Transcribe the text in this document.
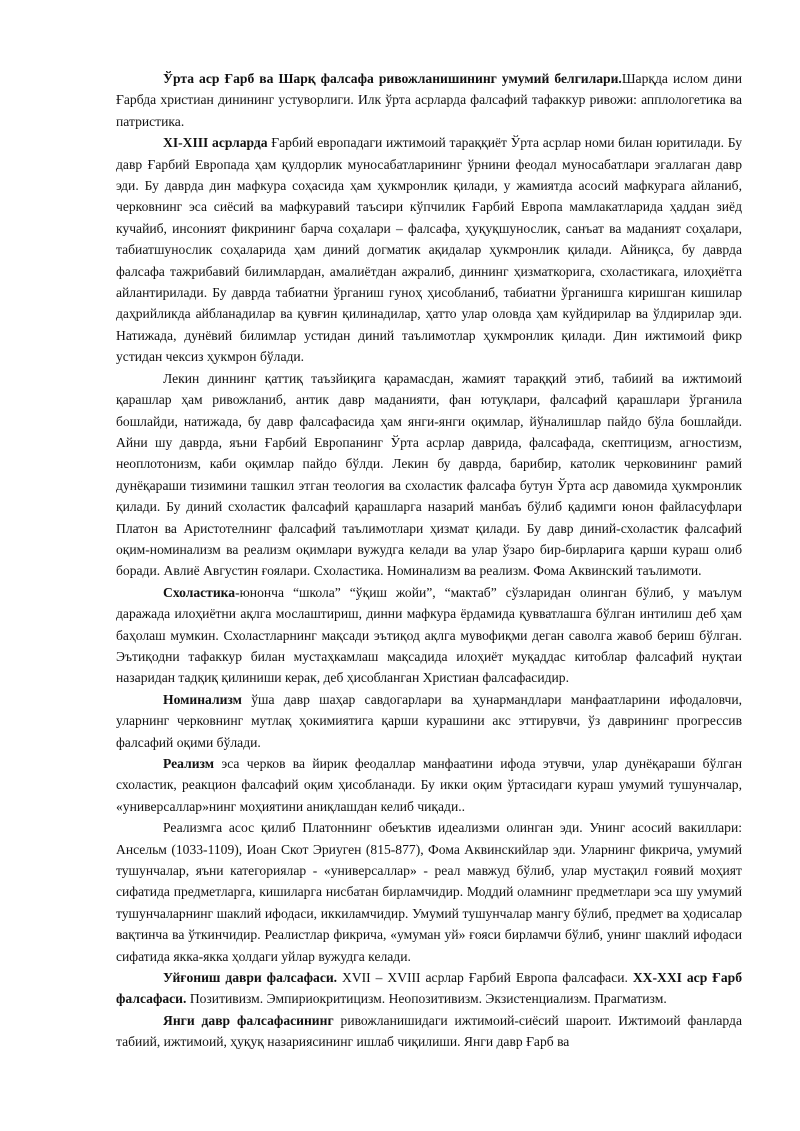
Ўрта аср Ғарб ва Шарқ фалсафа ривожланишининг умумий белгилари.Шарқда ислом дини Ғарбда христиан динининг устуворлиги. Илк ўрта асрларда фалсафий тафаккур ривожи: апплологетика ва патристика.

XI-XIII асрларда Ғарбий европадаги ижтимоий тараққиёт Ўрта асрлар номи билан юритилади. Бу давр Ғарбий Европада ҳам қулдорлик муносабатларининг ўрнини феодал муносабатлари эгаллаган давр эди. Бу даврда дин мафкура соҳасида ҳам ҳукмронлик қилади, у жамиятда асосий мафкурага айланиб, черковнинг эса сиёсий ва мафкуравий таъсири кўпчилик Ғарбий Европа мамлакатларида ҳаддан зиёд кучайиб, инсоният фикрининг барча соҳалари – фалсафа, ҳуқуқшунослик, санъат ва маданият соҳалари, табиатшунослик соҳаларида ҳам диний догматик ақидалар ҳукмронлик қилади. Айниқса, бу даврда фалсафа тажрибавий билимлардан, амалиётдан ажралиб, диннинг ҳизматкорига, схоластикага, илоҳиётга айлантирилади. Бу даврда табиатни ўрганиш гуноҳ ҳисобланиб, табиатни ўрганишга киришган кишилар даҳрийликда айбланадилар ва қувғин қилинадилар, ҳатто улар оловда ҳам куйдирилар ва ўлдирилар эди. Натижада, дунёвий билимлар устидан диний таълимотлар ҳукмронлик қилади. Дин ижтимоий фикр устидан чексиз ҳукмрон бўлади.

Лекин диннинг қаттиқ таъзйиқига қарамасдан, жамият тараққий этиб, табиий ва ижтимоий қарашлар ҳам ривожланиб, антик давр маданияти, фан ютуқлари, фалсафий қарашлари ўрганила бошлайди, натижада, бу давр фалсафасида ҳам янги-янги оқимлар, йўналишлар пайдо бўла бошлайди. Айни шу даврда, яъни Ғарбий Европанинг Ўрта асрлар даврида, фалсафада, скептицизм, агностизм, неоплотонизм, каби оқимлар пайдо бўлди. Лекин бу даврда, барибир, католик черковининг рамий дунёқараши тизимини ташкил этган теология ва схоластик фалсафа бутун Ўрта аср давомида ҳукмронлик қилади. Бу диний схоластик фалсафий қарашларга назарий манбаъ бўлиб қадимги юнон файласуфлари Платон ва Аристотелнинг фалсафий таълимотлари ҳизмат қилади. Бу давр диний-схоластик фалсафий оқим-номинализм ва реализм оқимлари вужудга келади ва улар ўзаро бир-бирларига қарши кураш олиб боради. Авлиё Августин ғоялари. Схоластика. Номинализм ва реализм. Фома Аквинский таълимоти.

Схоластика-юнонча “школа” “ўқиш жойи”, “мактаб” сўзларидан олинган бўлиб, у маълум даражада илоҳиётни ақлга мослаштириш, динни мафкура ёрдамида қувватлашга бўлган интилиш деб ҳам баҳолаш мумкин. Схоластларнинг мақсади эътиқод ақлга мувофиқми деган саволга жавоб бериш бўлган. Эътиқодни тафаккур билан мустаҳкамлаш мақсадида илоҳиёт муқаддас китоблар фалсафий нуқтаи назаридан тадқиқ қилиниши керак, деб ҳисобланган Христиан фалсафасидир.

Номинализм ўша давр шаҳар савдогарлари ва ҳунармандлари манфаатларини ифодаловчи, уларнинг черковнинг мутлақ ҳокимиятига қарши курашини акс эттирувчи, ўз даврининг прогрессив фалсафий оқими бўлади.

Реализм эса черков ва йирик феодаллар манфаатини ифода этувчи, улар дунёқараши бўлган схоластик, реакцион фалсафий оқим ҳисобланади. Бу икки оқим ўртасидаги кураш умумий тушунчалар, «универсаллар»нинг моҳиятини аниқлашдан келиб чиқади..

Реализмга асос қилиб Платоннинг обеъктив идеализми олинган эди. Унинг асосий вакиллари: Ансельм (1033-1109), Иоан Скот Эриуген (815-877), Фома Аквинскийлар эди. Уларнинг фикрича, умумий тушунчалар, яъни категориялар - «универсаллар» - реал мавжуд бўлиб, улар мустақил ғоявий моҳият сифатида предметларга, кишиларга нисбатан бирламчидир. Моддий оламнинг предметлари эса шу умумий тушунчаларнинг шаклий ифодаси, иккиламчидир. Умумий тушунчалар мангу бўлиб, предмет ва ҳодисалар вақтинча ва ўткинчидир. Реалистлар фикрича, «умуман уй» ғояси бирламчи бўлиб, унинг шаклий ифодаси сифатида якка-якка ҳолдаги уйлар вужудга келади.

Уйғониш даври фалсафаси. XVII – XVIII асрлар Ғарбий Европа фалсафаси. XX-XXI аср Ғарб фалсафаси. Позитивизм. Эмпириокритицизм. Неопозитивизм. Экзистенциализм. Прагматизм.

Янги давр фалсафасининг ривожланишидаги ижтимоий-сиёсий шароит. Ижтимоий фанларда табиий, ижтимоий, ҳуқуқ назариясининг ишлаб чиқилиши. Янги давр Ғарб ва
